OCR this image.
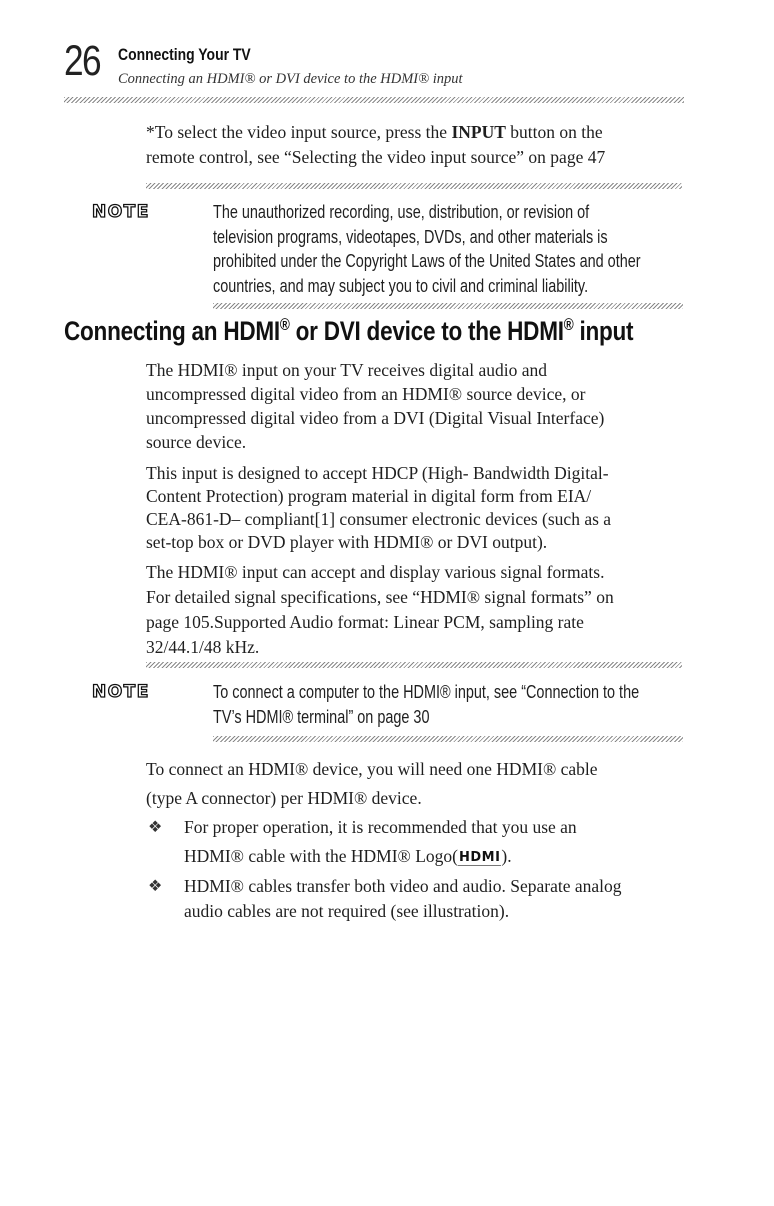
26 Connecting Your TV
Connecting an HDMI® or DVI device to the HDMI® input

*To select the video input source, press the INPUT button on the

remote control, see “Selecting the video input source” on page 47

NOTE	The unauthorized recording, use, distribution, or revision of
television programs, videotapes, DVDs, and other materials is
prohibited under the Copyright Laws of the United States and other
countries, and may subject you to civil and criminal liability.
Connecting an HDMI® or DVI device to the HDMI® input

The HDMI® input on your TV receives digital audio and

uncompressed digital video from an HDMI® source device, or

uncompressed digital video from a DVI (Digital Visual Interface)

source device.

This input is designed to accept HDCP (High- Bandwidth Digital-

Content Protection) program material in digital form from EIA/

CEA-861-D– compliant[1] consumer electronic devices (such as a

set-top box or DVD player with HDMI® or DVI output).

The HDMI® input can accept and display various signal formats.

For detailed signal specifications, see “HDMI® signal formats” on

page 105.Supported Audio format: Linear PCM, sampling rate

32/44.1/48 kHz.

NOTE	To connect a computer to the HDMI® input, see “Connection to the
TV’s HDMI® terminal” on page 30

To connect an HDMI® device, you will need one HDMI® cable

(type A connector) per HDMI® device.

❖ For proper operation, it is recommended that you use an
HDMI® cable with the HDMI® Logo(HDMI).
❖ HDMI® cables transfer both video and audio. Separate analog
audio cables are not required (see illustration).
